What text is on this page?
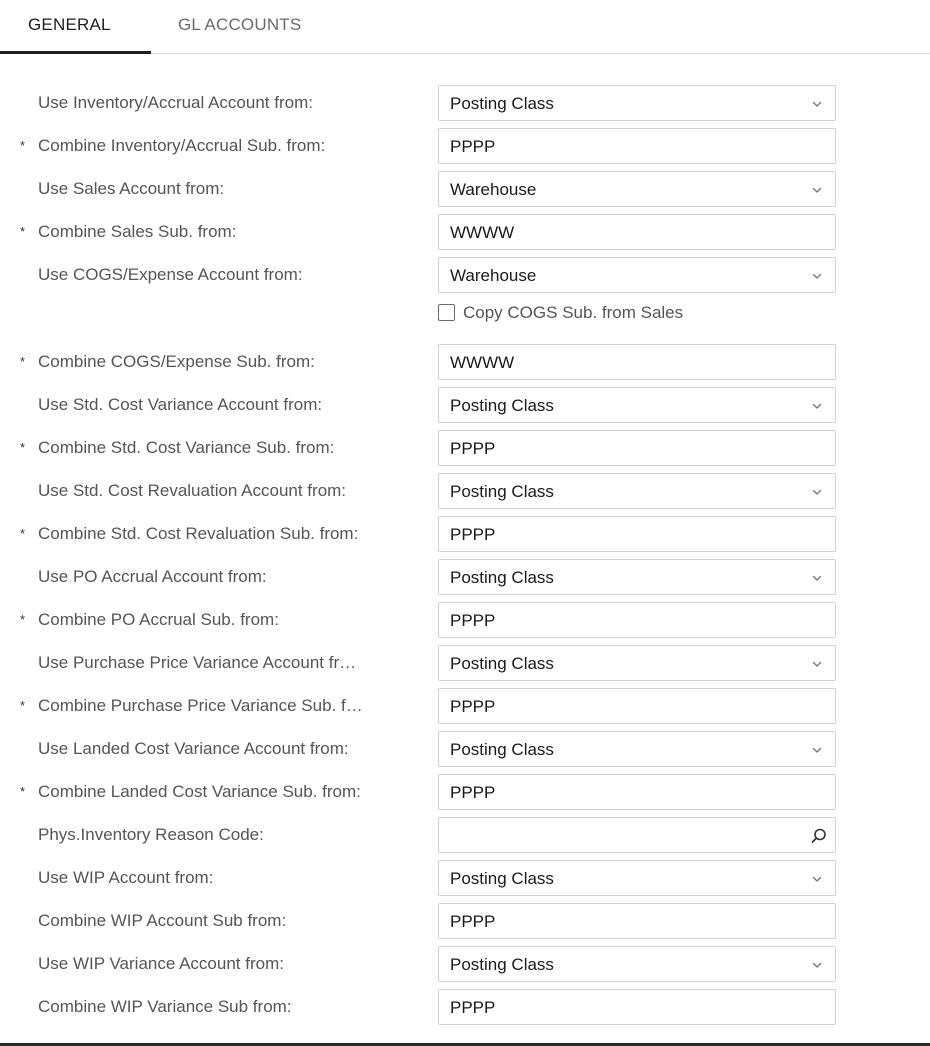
GENERAL	GL ACCOUNTS
Use Inventory/Accrual Account from:	Posting Class
* Combine Inventory/Accrual Sub. from:	PPPP
Use Sales Account from:	Warehouse
* Combine Sales Sub. from:	WWWW
Use COGS/Expense Account from:	Warehouse
* Combine COGS/Expense Sub. from:	WWWW
Use Std. Cost Variance Account from:	Posting Class
* Combine Std. Cost Variance Sub. from:	PPPP
Use Std. Cost Revaluation Account from:	Posting Class
* Combine Std. Cost Revaluation Sub. from:	PPPP
Use PO Accrual Account from:	Posting Class
* Combine PO Accrual Sub. from:	PPPP
Use Purchase Price Variance Account fr…	Posting Class
* Combine Purchase Price Variance Sub. f…	PPPP
Use Landed Cost Variance Account from:	Posting Class
* Combine Landed Cost Variance Sub. from:	PPPP
Phys.Inventory Reason Code:
Use WIP Account from:	Posting Class
Combine WIP Account Sub from:	PPPP
Use WIP Variance Account from:	Posting Class
Combine WIP Variance Sub from:	PPPP
Copy COGS Sub. from Sales
